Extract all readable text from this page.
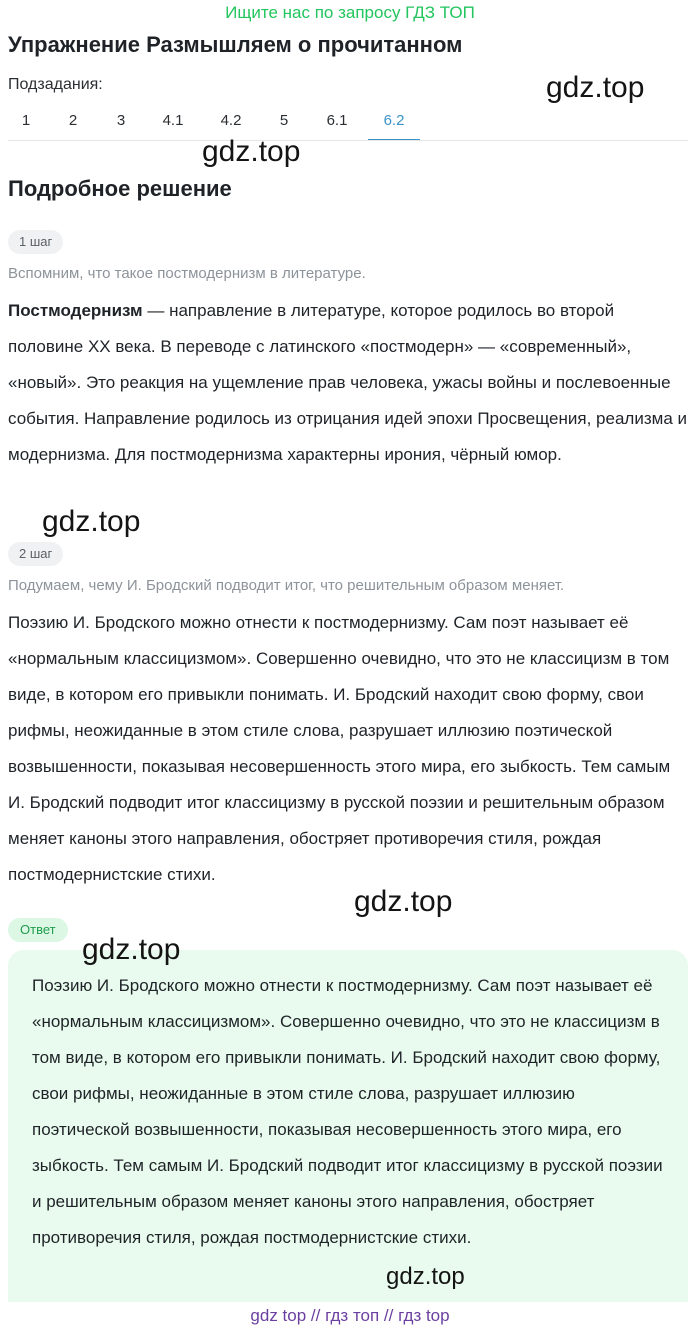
Ищите нас по запросу ГДЗ ТОП
Упражнение Размышляем о прочитанном
gdz.top
Подзадания:
1	2	3	4.1	4.2	5	6.1	6.2
gdz.top
Подробное решение
1 шаг
Вспомним, что такое постмодернизм в литературе.

Постмодернизм — направление в литературе, которое родилось во второй половине XX века. В переводе с латинского «постмодерн» — «современный», «новый». Это реакция на ущемление прав человека, ужасы войны и послевоенные события. Направление родилось из отрицания идей эпохи Просвещения, реализма и модернизма. Для постмодернизма характерны ирония, чёрный юмор.

gdz.top
2 шаг
Подумаем, чему И. Бродский подводит итог, что решительным образом меняет.

Поэзию И. Бродского можно отнести к постмодернизму. Сам поэт называет её «нормальным классицизмом». Совершенно очевидно, что это не классицизм в том виде, в котором его привыкли понимать. И. Бродский находит свою форму, свои рифмы, неожиданные в этом стиле слова, разрушает иллюзию поэтической возвышенности, показывая несовершенность этого мира, его зыбкость. Тем самым И. Бродский подводит итог классицизму в русской поэзии и решительным образом меняет каноны этого направления, обостряет противоречия стиля, рождая постмодернистские стихи.

gdz.top
Ответ

Поэзию И. Бродского можно отнести к постмодернизму. Сам поэт называет её «нормальным классицизмом». Совершенно очевидно, что это не классицизм в том виде, в котором его привыкли понимать. И. Бродский находит свою форму, свои рифмы, неожиданные в этом стиле слова, разрушает иллюзию поэтической возвышенности, показывая несовершенность этого мира, его зыбкость. Тем самым И. Бродский подводит итог классицизму в русской поэзии и решительным образом меняет каноны этого направления, обостряет противоречия стиля, рождая постмодернистские стихи.

gdz.top
gdz.top
gdz top // гдз топ // гдз top
